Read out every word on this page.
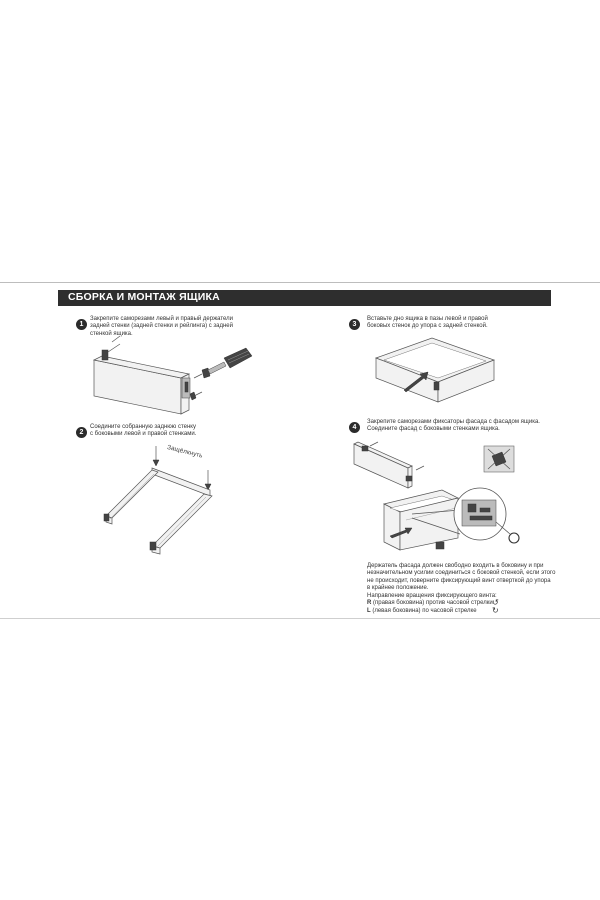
СБОРКА И МОНТАЖ ЯЩИКА
1
Закрепите саморезами левый и правый держатели
задней стенки (задней стенки и рейлинга) с задней
стенкой ящика.
2
Соедините собранную заднюю стенку
с боковыми левой и правой стенками.
Защёлкнуть
3
Вставьте дно ящика в пазы левой и правой
боковых стенок до упора с задней стенкой.
4
Закрепите саморезами фиксаторы фасада с фасадом ящика.
Соедините фасад с боковыми стенками ящика.
Держатель фасада должен свободно входить в боковину и при
незначительном усилии соединиться с боковой стенкой, если этого
не происходит, поверните фиксирующий винт отверткой до упора
в крайнее положение.
Направление вращения фиксирующего винта:
R (правая боковина) против часовой стрелки ↺
L (левая боковина) по часовой стрелке ↻
